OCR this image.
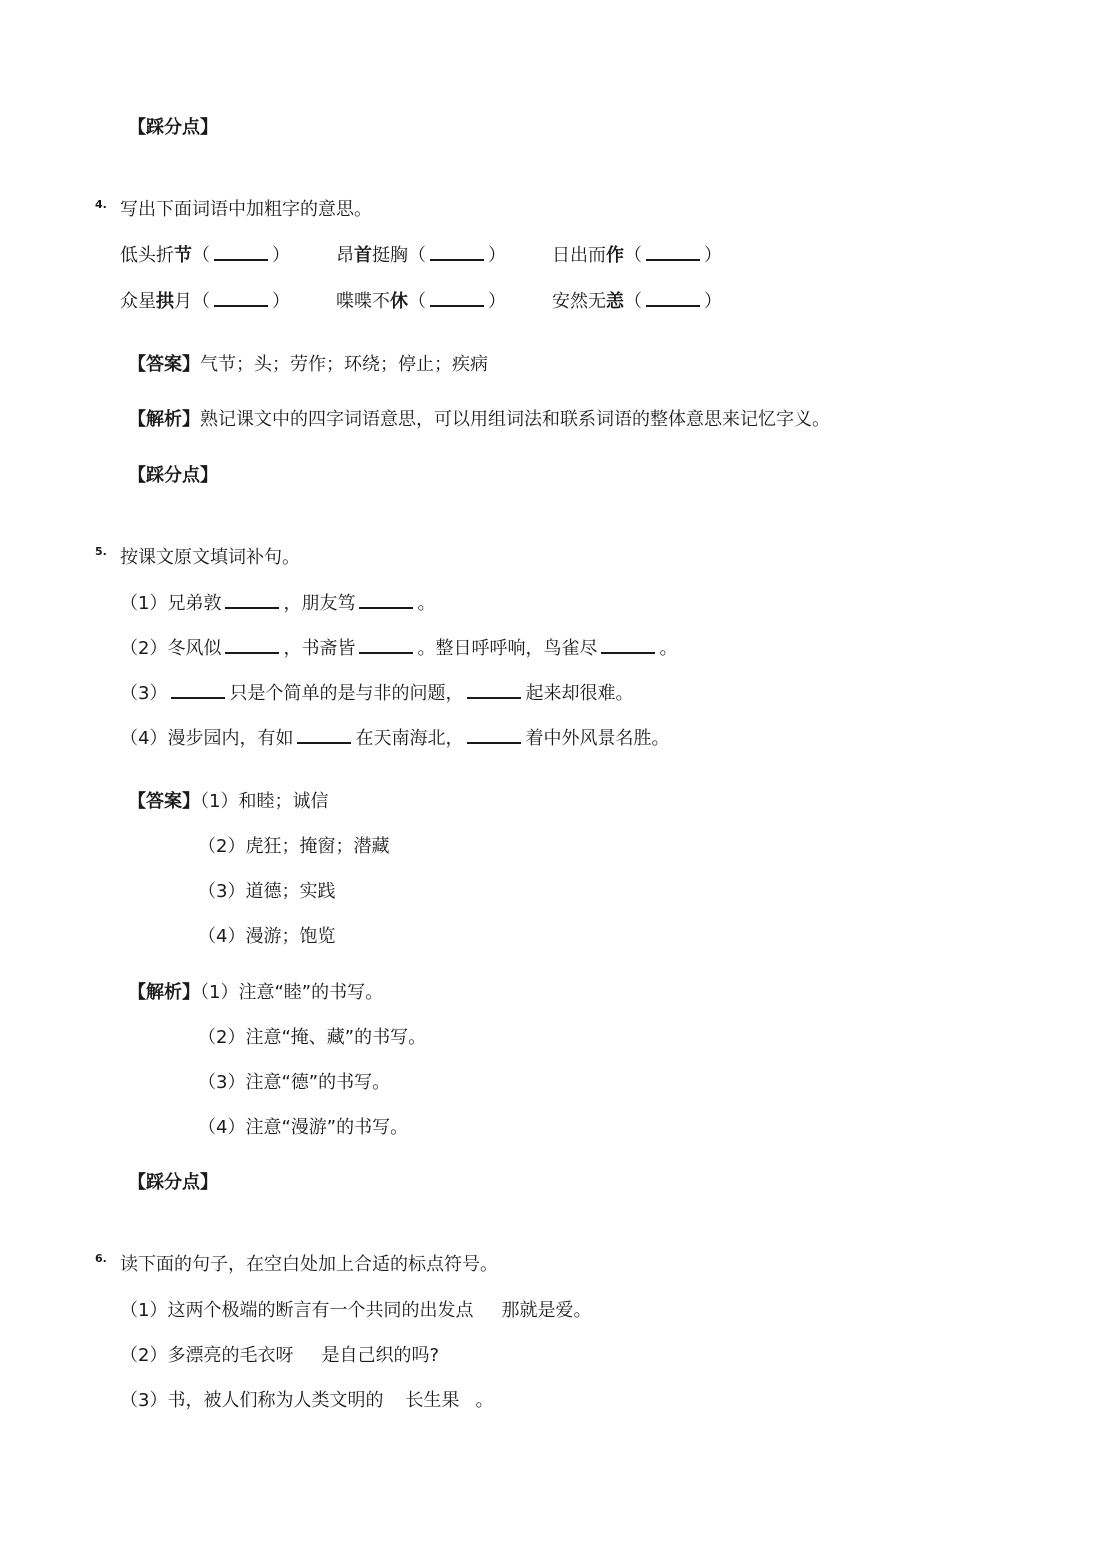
【踩分点】
4. 写出下面词语中加粗字的意思。
低头折节（	）	昂首挺胸（	）	日出而作（	）
众星拱月（	）	喋喋不休（	）	安然无恙（	）
【答案】气节；头；劳作；环绕；停止；疾病
【解析】熟记课文中的四字词语意思，可以用组词法和联系词语的整体意思来记忆字义。
【踩分点】
5. 按课文原文填词补句。
（1）兄弟敦	，朋友笃	。
（2）冬风似	，书斋皆	。整日呼呼响，鸟雀尽	。
（3）	只是个简单的是与非的问题，	起来却很难。
（4）漫步园内，有如	在天南海北，	着中外风景名胜。
【答案】（1）和睦；诚信
（2）虎狂；掩窗；潜藏
（3）道德；实践
（4）漫游；饱览
【解析】（1）注意“睦”的书写。
（2）注意“掩、藏”的书写。
（3）注意“德”的书写。
（4）注意“漫游”的书写。
【踩分点】
6. 读下面的句子，在空白处加上合适的标点符号。
（1）这两个极端的断言有一个共同的出发点 那就是爱。
（2）多漂亮的毛衣呀 是自己织的吗?
（3）书，被人们称为人类文明的 长生果 。
